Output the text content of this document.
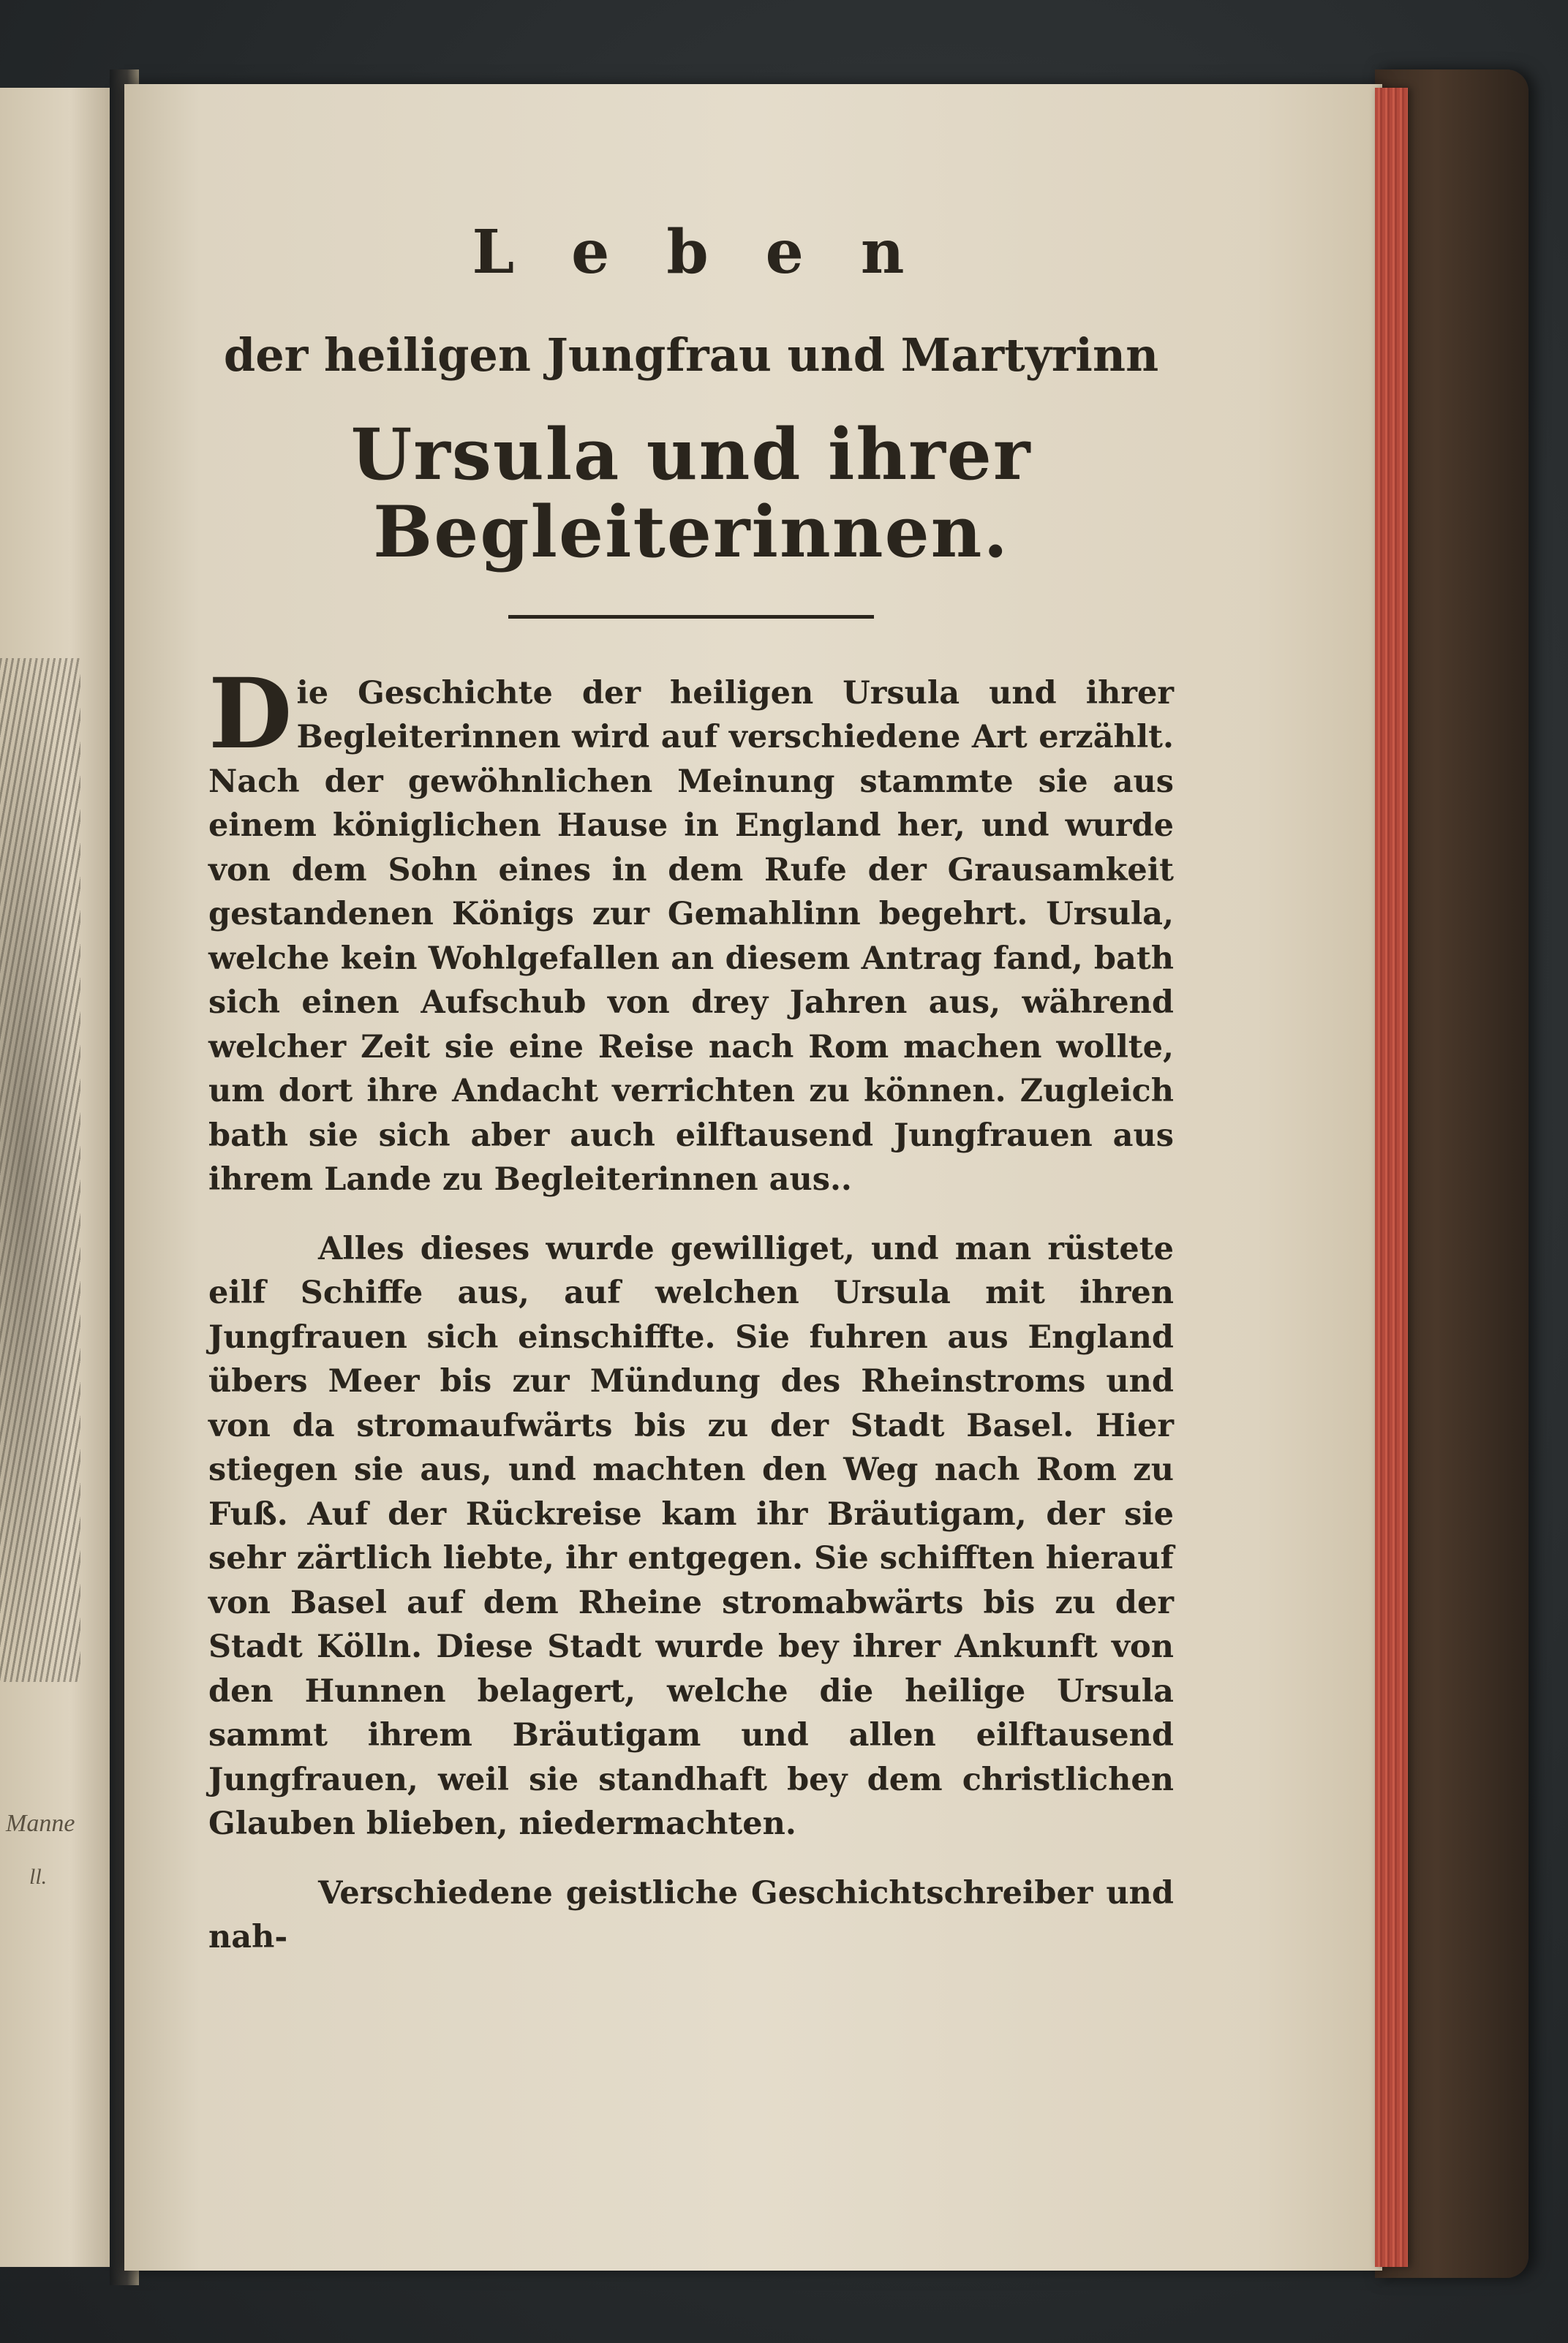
Manne
ll.
Leben
der heiligen Jungfrau und Martyrinn
Ursula und ihrer Begleiterinnen.

Die Geschichte der heiligen Ursula und ihrer Begleiterinnen wird auf verschiedene Art erzählt. Nach der gewöhnlichen Meinung stammte sie aus einem königlichen Hause in England her, und wurde von dem Sohn eines in dem Rufe der Grausamkeit gestandenen Königs zur Gemahlinn begehrt. Ursula, welche kein Wohlgefallen an diesem Antrag fand, bath sich einen Aufschub von drey Jahren aus, während welcher Zeit sie eine Reise nach Rom machen wollte, um dort ihre Andacht verrichten zu können. Zugleich bath sie sich aber auch eilftausend Jungfrauen aus ihrem Lande zu Begleiterinnen aus..

Alles dieses wurde gewilliget, und man rüstete eilf Schiffe aus, auf welchen Ursula mit ihren Jungfrauen sich einschiffte. Sie fuhren aus England übers Meer bis zur Mündung des Rheinstroms und von da stromaufwärts bis zu der Stadt Basel. Hier stiegen sie aus, und machten den Weg nach Rom zu Fuß. Auf der Rückreise kam ihr Bräutigam, der sie sehr zärtlich liebte, ihr entgegen. Sie schifften hierauf von Basel auf dem Rheine stromabwärts bis zu der Stadt Kölln. Diese Stadt wurde bey ihrer Ankunft von den Hunnen belagert, welche die heilige Ursula sammt ihrem Bräutigam und allen eilftausend Jungfrauen, weil sie standhaft bey dem christlichen Glauben blieben, niedermachten.

Verschiedene geistliche Geschichtschreiber und nah-
